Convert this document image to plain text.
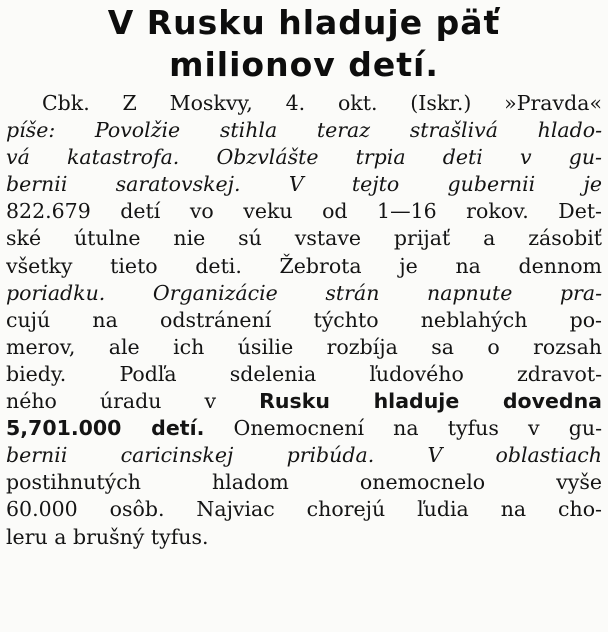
V Rusku hladuje päť
milionov detí.
Cbk. Z Moskvy, 4. okt. (Iskr.) »Pravda«
píše: Povolžie stihla teraz strašlivá hlado-
vá katastrofa. Obzvlášte trpia deti v gu-
bernii saratovskej. V tejto gubernii je
822.679 detí vo veku od 1—16 rokov. Det-
ské útulne nie sú vstave prijať a zásobiť
všetky tieto deti. Žebrota je na dennom
poriadku. Organizácie strán napnute pra-
cujú na odstránení týchto neblahých po-
merov, ale ich úsilie rozbíja sa o rozsah
biedy. Podľa sdelenia ľudového zdravot-
ného úradu v Rusku hladuje dovedna
5,701.000 detí. Onemocnení na tyfus v gu-
bernii caricinskej pribúda. V oblastiach
postihnutých hladom onemocnelo vyše
60.000 osôb. Najviac chorejú ľudia na cho-
leru a brušný tyfus.
